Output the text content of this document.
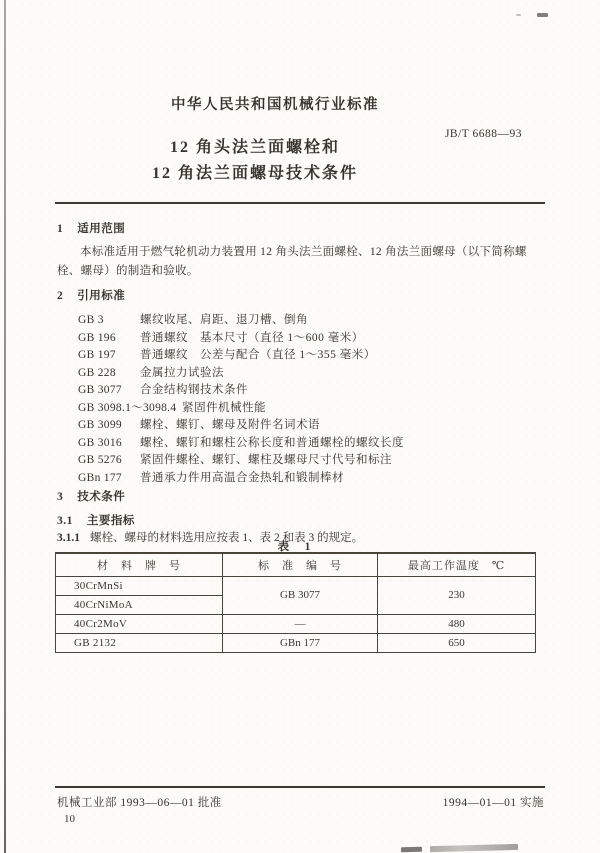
中华人民共和国机械行业标准
JB/T 6688—93
12 角头法兰面螺栓和
12 角法兰面螺母技术条件
1 适用范围
本标准适用于燃气轮机动力装置用 12 角头法兰面螺栓、12 角法兰面螺母（以下简称螺栓、螺母）的制造和验收。
2 引用标准
GB 3	螺纹收尾、肩距、退刀槽、倒角
GB 196 普通螺纹　基本尺寸（直径 1～600 毫米）
GB 197 普通螺纹　公差与配合（直径 1～355 毫米）
GB 228 金属拉力试验法
GB 3077 合金结构钢技术条件
GB 3098.1～3098.4 紧固件机械性能
GB 3099 螺栓、螺钉、螺母及附件名词术语
GB 3016 螺栓、螺钉和螺柱公称长度和普通螺栓的螺纹长度
GB 5276 紧固件螺栓、螺钉、螺柱及螺母尺寸代号和标注
GBn 177 普通承力件用高温合金热轧和锻制棒材
3 技术条件
3.1 主要指标
3.1.1 螺栓、螺母的材料选用应按表 1、表 2 和表 3 的规定。
表　1
材　料　牌　号	标　准　编　号	最高工作温度　℃
30CrMnSi	GB 3077	230
40CrNiMoA		
40Cr2MoV	—	480
GB 2132	GBn 177	650
机械工业部 1993—06—01 批准	1994—01—01 实施
10
